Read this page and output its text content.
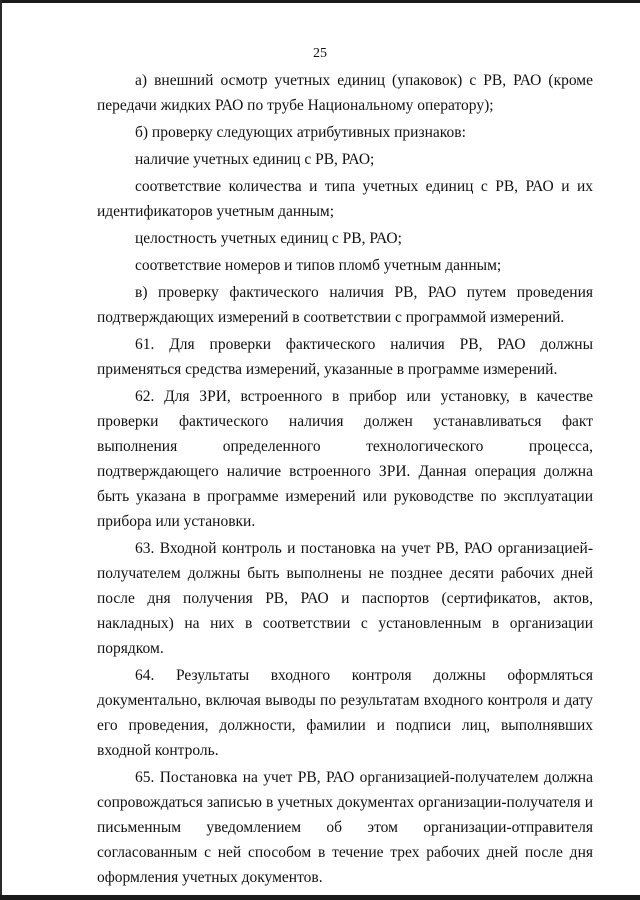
25

а) внешний осмотр учетных единиц (упаковок) с РВ, РАО (кроме передачи жидких РАО по трубе Национальному оператору);

б) проверку следующих атрибутивных признаков:

наличие учетных единиц с РВ, РАО;

соответствие количества и типа учетных единиц с РВ, РАО и их идентификаторов учетным данным;

целостность учетных единиц с РВ, РАО;

соответствие номеров и типов пломб учетным данным;

в) проверку фактического наличия РВ, РАО путем проведения подтверждающих измерений в соответствии с программой измерений.

61. Для проверки фактического наличия РВ, РАО должны применяться средства измерений, указанные в программе измерений.

62. Для ЗРИ, встроенного в прибор или установку, в качестве проверки фактического наличия должен устанавливаться факт выполнения определенного технологического процесса, подтверждающего наличие встроенного ЗРИ. Данная операция должна быть указана в программе измерений или руководстве по эксплуатации прибора или установки.

63. Входной контроль и постановка на учет РВ, РАО организацией-получателем должны быть выполнены не позднее десяти рабочих дней после дня получения РВ, РАО и паспортов (сертификатов, актов, накладных) на них в соответствии с установленным в организации порядком.

64. Результаты входного контроля должны оформляться документально, включая выводы по результатам входного контроля и дату его проведения, должности, фамилии и подписи лиц, выполнявших входной контроль.

65. Постановка на учет РВ, РАО организацией-получателем должна сопровождаться записью в учетных документах организации-получателя и письменным уведомлением об этом организации-отправителя согласованным с ней способом в течение трех рабочих дней после дня оформления учетных документов.
